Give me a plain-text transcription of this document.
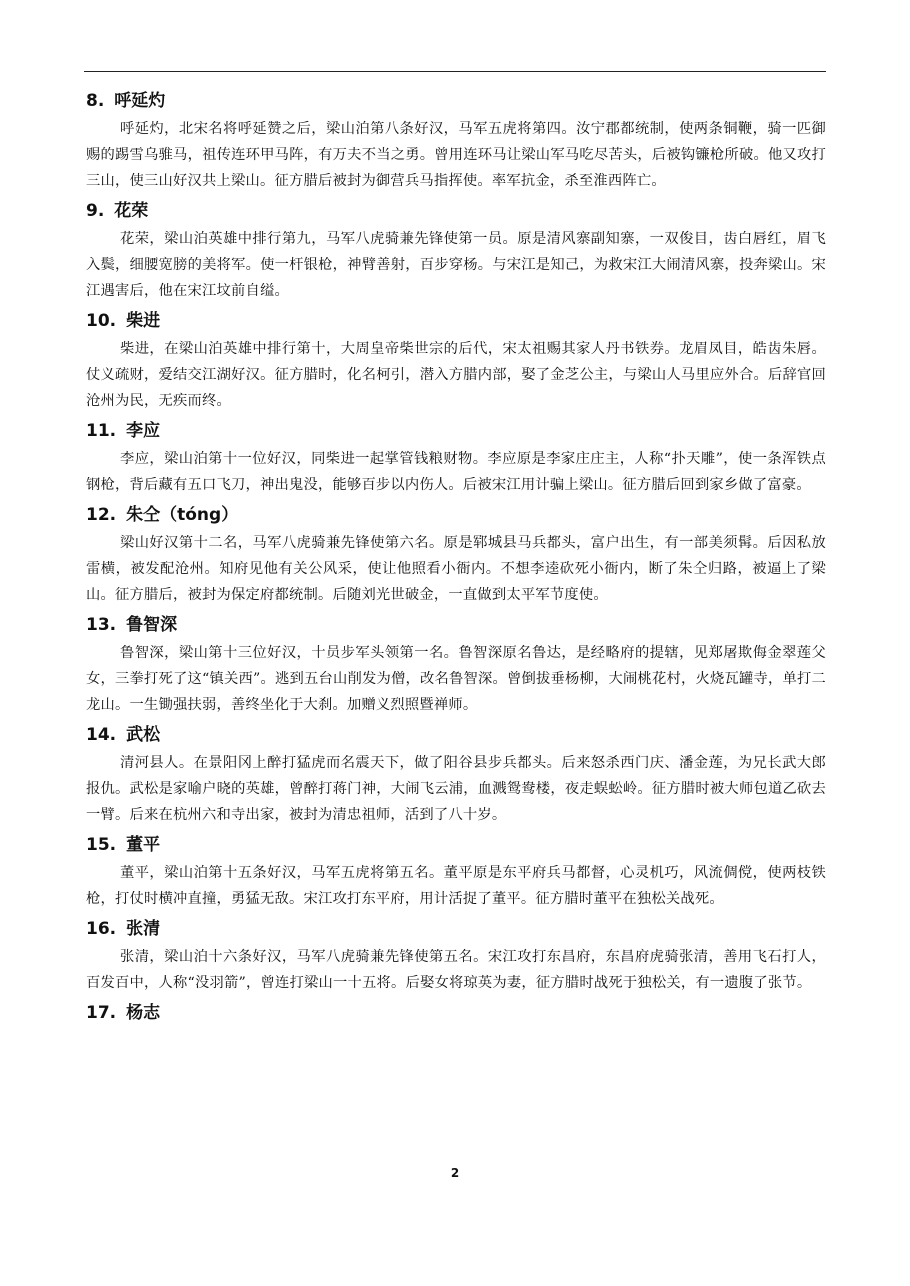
8. 呼延灼

呼延灼，北宋名将呼延赞之后，梁山泊第八条好汉，马军五虎将第四。汝宁郡都统制，使两条铜鞭，骑一匹御赐的踢雪乌骓马，祖传连环甲马阵，有万夫不当之勇。曾用连环马让梁山军马吃尽苦头，后被钩镰枪所破。他又攻打三山，使三山好汉共上梁山。征方腊后被封为御营兵马指挥使。率军抗金，杀至淮西阵亡。

9. 花荣

花荣，梁山泊英雄中排行第九，马军八虎骑兼先锋使第一员。原是清风寨副知寨，一双俊目，齿白唇红，眉飞入鬓，细腰宽膀的美将军。使一杆银枪，神臂善射，百步穿杨。与宋江是知己，为救宋江大闹清风寨，投奔梁山。宋江遇害后，他在宋江坟前自缢。

10. 柴进

柴进，在梁山泊英雄中排行第十，大周皇帝柴世宗的后代，宋太祖赐其家人丹书铁券。龙眉凤目，皓齿朱唇。仗义疏财，爱结交江湖好汉。征方腊时，化名柯引，潜入方腊内部，娶了金芝公主，与梁山人马里应外合。后辞官回沧州为民，无疾而终。

11. 李应

李应，梁山泊第十一位好汉，同柴进一起掌管钱粮财物。李应原是李家庄庄主，人称“扑天雕”，使一条浑铁点钢枪，背后藏有五口飞刀，神出鬼没，能够百步以内伤人。后被宋江用计骗上梁山。征方腊后回到家乡做了富豪。

12. 朱仝（tóng）

梁山好汉第十二名，马军八虎骑兼先锋使第六名。原是郓城县马兵都头，富户出生，有一部美须髯。后因私放雷横，被发配沧州。知府见他有关公风采，使让他照看小衙内。不想李逵砍死小衙内，断了朱仝归路，被逼上了梁山。征方腊后，被封为保定府都统制。后随刘光世破金，一直做到太平军节度使。

13. 鲁智深

鲁智深，梁山第十三位好汉，十员步军头领第一名。鲁智深原名鲁达，是经略府的提辖，见郑屠欺侮金翠莲父女，三拳打死了这“镇关西”。逃到五台山削发为僧，改名鲁智深。曾倒拔垂杨柳，大闹桃花村，火烧瓦罐寺，单打二龙山。一生锄强扶弱，善终坐化于大刹。加赠义烈照暨禅师。

14. 武松

清河县人。在景阳冈上醉打猛虎而名震天下，做了阳谷县步兵都头。后来怒杀西门庆、潘金莲，为兄长武大郎报仇。武松是家喻户晓的英雄，曾醉打蒋门神，大闹飞云浦，血溅鸳鸯楼，夜走蜈蚣岭。征方腊时被大师包道乙砍去一臂。后来在杭州六和寺出家，被封为清忠祖师，活到了八十岁。

15. 董平

董平，梁山泊第十五条好汉，马军五虎将第五名。董平原是东平府兵马都督，心灵机巧，风流倜傥，使两枝铁枪，打仗时横冲直撞，勇猛无敌。宋江攻打东平府，用计活捉了董平。征方腊时董平在独松关战死。

16. 张清

张清，梁山泊十六条好汉，马军八虎骑兼先锋使第五名。宋江攻打东昌府，东昌府虎骑张清，善用飞石打人，百发百中，人称“没羽箭”，曾连打梁山一十五将。后娶女将琼英为妻，征方腊时战死于独松关，有一遗腹了张节。

17. 杨志
2
